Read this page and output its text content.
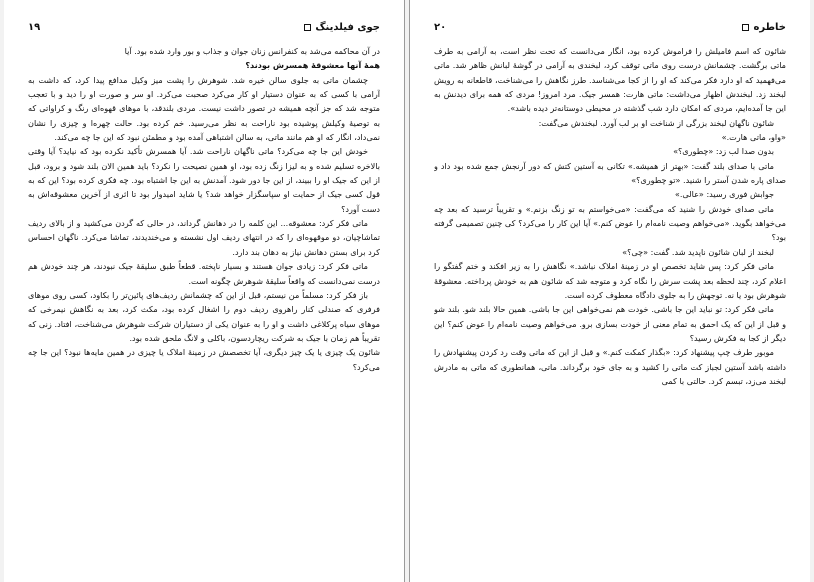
جوی فیلدینگ
۱۹

در آن محاکمه می‌شد به کنفرانس زنان جوان و جذاب و بور وارد شده بود. آیا

همهٔ آنها معشوقهٔ همسرش بودند؟

چشمان ماتی به جلوی سالن خیره شد. شوهرش را پشت میز وکیل مدافع پیدا کرد، که داشت به آرامی با کسی که به عنوان دستیار او کار می‌کرد صحبت می‌کرد. او سر و صورت او را دید و با تعجب متوجه شد که جز آنچه همیشه در تصور داشت نیست. مردی بلندقد، با موهای قهوه‌ای رنگ و کراواتی که به توصیهٔ وکیلش پوشیده بود ناراحت به نظر می‌رسید. خم کرده بود. حالت چهره‌ا و چیزی را نشان نمی‌داد، انگار که او هم مانند ماتی، به سالن اشتباهی آمده بود و مطمئن نبود که این جا چه می‌کند.

خودش این جا چه می‌کرد؟ ماتی ناگهان ناراحت شد. آیا همسرش تأکید نکرده بود که نیاید؟ آیا وقتی بالاخره تسلیم شده و به لیزا زنگ زده بود، او همین نصیحت را نکرد؟ باید همین الان بلند شود و برود، قبل از این که جیک او را ببیند، از این جا دور شود. آمدنش به این جا اشتباه بود. چه فکری کرده بود؟ این که به قول کسی جیک از حمایت او سپاسگزار خواهد شد؟ یا شاید امیدوار بود تا اثری از آخرین معشوقه‌اش به دست آورد؟

ماتی فکر کرد: معشوقه... این کلمه را در دهانش گرداند، در حالی که گردن می‌کشید و از بالای ردیف تماشاچیان، دو موقهوه‌ای را که در انتهای ردیف اول نشسته و می‌خندیدند، تماشا می‌کرد. ناگهان احساس کرد برای بستن دهانش نیاز به دهان بند دارد.

ماتی فکر کرد: زیادی جوان هستند و بسیار ناپخته. قطعاً طبق سلیقهٔ جیک نبودند، هر چند خودش هم درست نمی‌دانست که واقعاً سلیقهٔ شوهرش چگونه است.

باز فکر کرد: مسلماً من نیستم، قبل از این که چشمانش ردیف‌های پائین‌تر را بکاود، کسی روی موهای فرفری که صندلی کنار راهروی ردیف دوم را اشغال کرده بود، مکث کرد، بعد به نگاهش نیمرخی که موهای سیاه پرکلاغی داشت و او را به عنوان یکی از دستیاران شرکت شوهرش می‌شناخت، افتاد. زنی که تقریباً هم زمان با جیک به شرکت ریچاردسون، باکلی و لانگ ملحق شده بود.

شائون یک چیزی یا یک چیز دیگری، آیا تخصصش در زمینهٔ املاک یا چیزی در همین مایه‌ها نبود؟ این جا چه می‌کرد؟

خاطره
۲۰

شائون که اسم فامیلش را فراموش کرده بود، انگار می‌دانست که تحت نظر است، به آرامی به طرف ماتی برگشت. چشمانش درست روی ماتی توقف کرد، لبخندی به آرامی در گوشهٔ لبانش ظاهر شد. ماتی می‌فهمید که او دارد فکر می‌کند که او را از کجا می‌شناسد. طرز نگاهش را می‌شناخت، قاطعانه به رویش لبخند زد. لبخندش اظهار می‌داشت: ماتی هارت: همسر جیک. مرد امروز! مردی که همه برای دیدنش به این جا آمده‌ایم، مردی که امکان دارد شب گذشته در محیطی دوستانه‌تر دیده باشد».

شائون ناگهان لبخند بزرگی از شناخت او بر لب آورد. لبخندش می‌گفت:

«واو، ماتی هارت.»

بدون صدا لب زد: «چطوری؟»

ماتی با صدای بلند گفت: «بهتر از همیشه.» تکانی به آستین کتش که دور آرنجش جمع شده بود داد و صدای پاره شدن آستر را شنید. «تو چطوری؟»

جوابش فوری رسید: «عالی.»

ماتی صدای خودش را شنید که می‌گفت: «می‌خواستم به تو زنگ بزنم.» و تقریباً ترسید که بعد چه می‌خواهد بگوید. «می‌خواهم وصیت نامه‌ام را عوض کنم.» آیا این کار را می‌کرد؟ کی چنین تصمیمی گرفته بود؟

لبخند از لبان شائون ناپدید شد. گفت: «چی؟»

ماتی فکر کرد: پس شاید تخصص او در زمینهٔ املاک نباشد.» نگاهش را به زیر افکند و ختم گفتگو را اعلام کرد، چند لحظه بعد پشت سرش را نگاه کرد و متوجه شد که شائون هم به خودش پرداخته. معشوقهٔ شوهرش بود یا نه. توجهش را به جلوی دادگاه معطوف کرده است.

ماتی فکر کرد: تو نباید این جا باشی. خودت هم نمی‌خواهی این جا باشی. همین حالا بلند شو. بلند شو و قبل از این که یک احمق به تمام معنی از خودت بسازی برو. می‌خواهم وصیت نامه‌ام را عوض کنم؟ این دیگر از کجا به فکرش رسید؟

موبور طرف چپ پیشنهاد کرد: «بگذار کمکت کنم.» و قبل از این که ماتی وقت رد کردن پیشنهادش را داشته باشد آستین لجباز کت ماتی را کشید و به جای خود برگرداند. ماتی، همانطوری که ماتی به مادرش لبخند می‌زد، تبسم کرد. حالتی با کمی
